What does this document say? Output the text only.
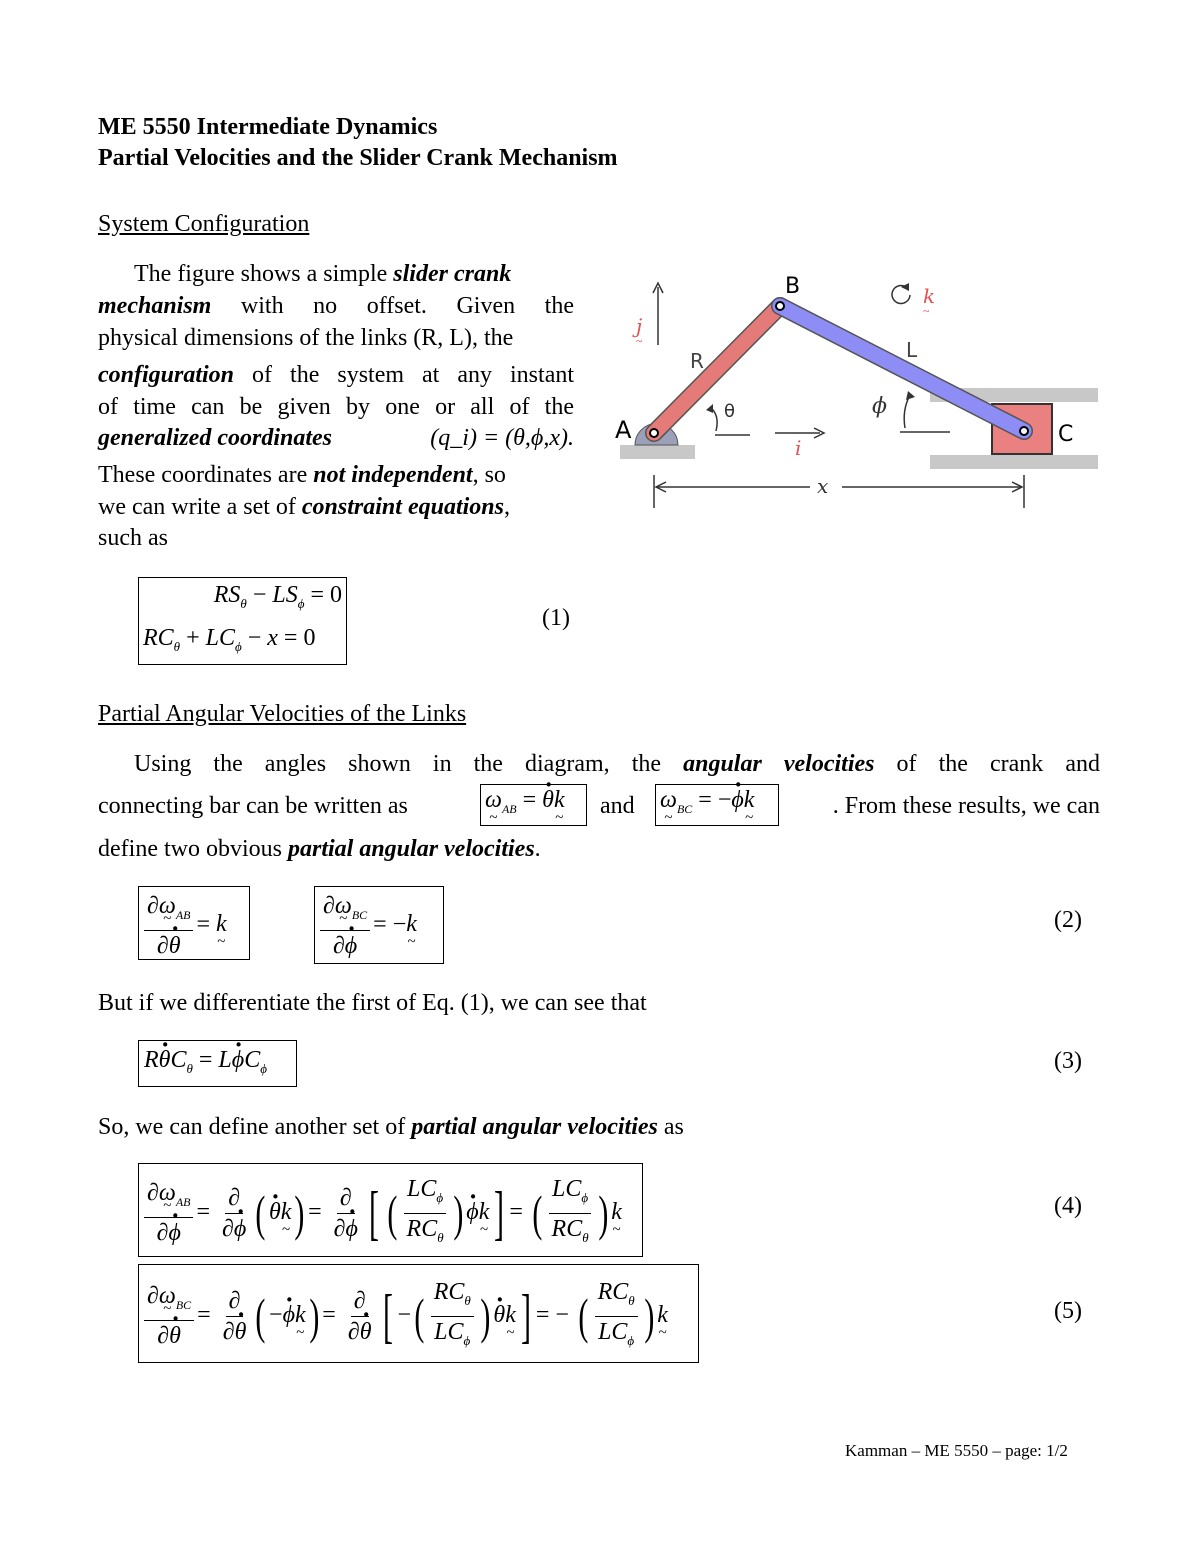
ME 5550 Intermediate Dynamics
Partial Velocities and the Slider Crank Mechanism
System Configuration
The figure shows a simple slider crank
mechanism with no offset. Given the
physical dimensions of the links (R, L), the
configuration of the system at any instant
of time can be given by one or all of the
generalized coordinates	(q_i) = (θ,ϕ,x).
These coordinates are not independent, so
we can write a set of constraint equations,
such as
A
B
C
R	L
θ	ϕ
j
~
i
k
~
x
$RS_\theta - LS_\phi = 0$
$RC_\theta + LC_\phi - x = 0$
(1)
Partial Angular Velocities of the Links
Using the angles shown in the diagram, the angular velocities of the crank and
connecting bar can be written as	ω $\sim_{AB}$ = · θk ~ and ω $\sim_{BC}$ = −· ϕk ~	. From these results, we can
define two obvious partial angular velocities.
$\frac{\partial\omega \sim_{AB}}{\partial\cdot \theta} = k$ ~	$\frac{\partial\omega \sim_{BC}}{\partial\cdot \phi} = -k$ ~	(2)
But if we differentiate the first of Eq. (1), we can see that
$R\cdot \theta C_\theta = L\cdot \phi C_\phi$	(3)
So, we can define another set of partial angular velocities as
$\frac{\partial\omega \sim_{AB}}{\partial\cdot \phi} = \frac{\partial}{\partial\cdot \phi}$ ( · θk ~) = $\frac{\partial}{\partial\cdot \phi}$ [ ( $\frac{LC_\phi}{RC_\theta}$ ) · ϕk ~] = ( $\frac{LC_\phi}{RC_\theta}$ ) k ~	(4)
$\frac{\partial\omega \sim_{BC}}{\partial\cdot \theta} = \frac{\partial}{\partial\cdot \theta}$ ( −· ϕk ~) = $\frac{\partial}{\partial\cdot \theta}$ [ −( $\frac{RC_\theta}{LC_\phi}$ ) · θk ~] = − ( $\frac{RC_\theta}{LC_\phi}$ ) k ~	(5)
Kamman – ME 5550 – page: 1/2
